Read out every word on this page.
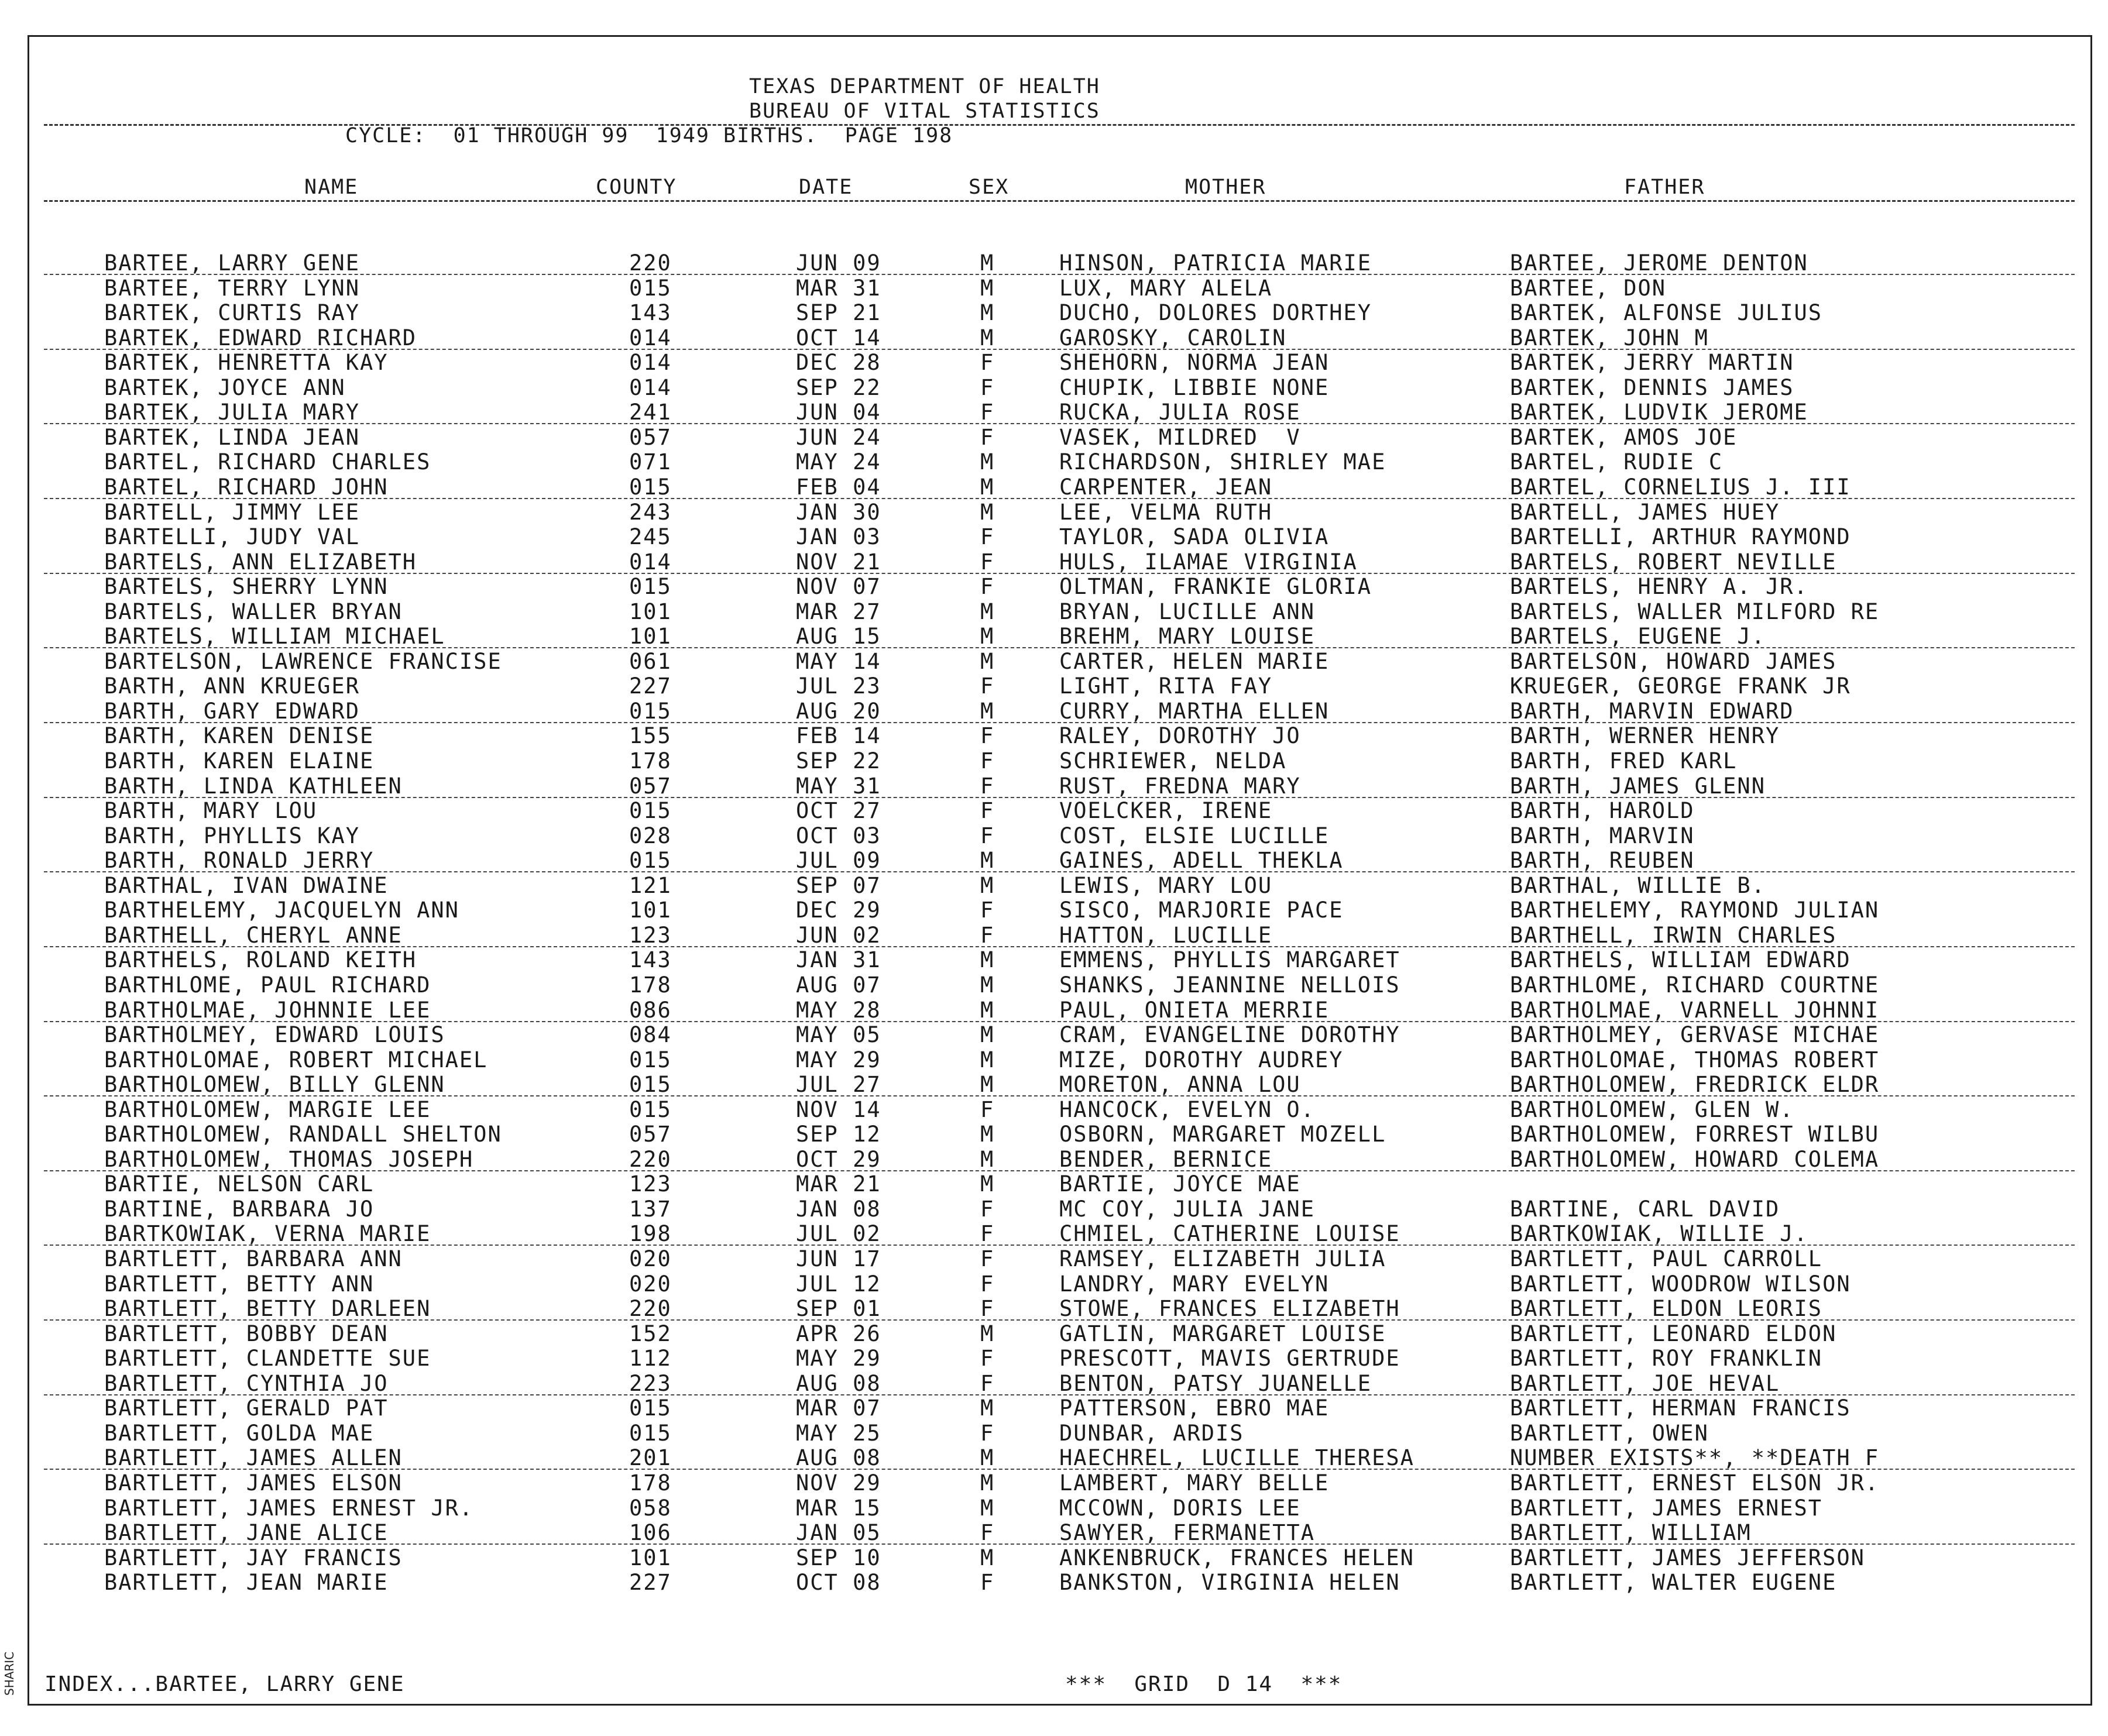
SHARIC
TEXAS DEPARTMENT OF HEALTH
BUREAU OF VITAL STATISTICS
CYCLE:  01 THROUGH 99  1949 BIRTHS.  PAGE 198
NAME	COUNTY	DATE	SEX	MOTHER	FATHER
BARTEE, LARRY GENE	220	JUN 09	M	HINSON, PATRICIA MARIE	BARTEE, JEROME DENTON
BARTEE, TERRY LYNN	015	MAR 31	M	LUX, MARY ALELA	BARTEE, DON
BARTEK, CURTIS RAY	143	SEP 21	M	DUCHO, DOLORES DORTHEY	BARTEK, ALFONSE JULIUS
BARTEK, EDWARD RICHARD	014	OCT 14	M	GAROSKY, CAROLIN	BARTEK, JOHN M
BARTEK, HENRETTA KAY	014	DEC 28	F	SHEHORN, NORMA JEAN	BARTEK, JERRY MARTIN
BARTEK, JOYCE ANN	014	SEP 22	F	CHUPIK, LIBBIE NONE	BARTEK, DENNIS JAMES
BARTEK, JULIA MARY	241	JUN 04	F	RUCKA, JULIA ROSE	BARTEK, LUDVIK JEROME
BARTEK, LINDA JEAN	057	JUN 24	F	VASEK, MILDRED  V	BARTEK, AMOS JOE
BARTEL, RICHARD CHARLES	071	MAY 24	M	RICHARDSON, SHIRLEY MAE	BARTEL, RUDIE C
BARTEL, RICHARD JOHN	015	FEB 04	M	CARPENTER, JEAN	BARTEL, CORNELIUS J. III
BARTELL, JIMMY LEE	243	JAN 30	M	LEE, VELMA RUTH	BARTELL, JAMES HUEY
BARTELLI, JUDY VAL	245	JAN 03	F	TAYLOR, SADA OLIVIA	BARTELLI, ARTHUR RAYMOND
BARTELS, ANN ELIZABETH	014	NOV 21	F	HULS, ILAMAE VIRGINIA	BARTELS, ROBERT NEVILLE
BARTELS, SHERRY LYNN	015	NOV 07	F	OLTMAN, FRANKIE GLORIA	BARTELS, HENRY A. JR.
BARTELS, WALLER BRYAN	101	MAR 27	M	BRYAN, LUCILLE ANN	BARTELS, WALLER MILFORD RE
BARTELS, WILLIAM MICHAEL	101	AUG 15	M	BREHM, MARY LOUISE	BARTELS, EUGENE J.
BARTELSON, LAWRENCE FRANCISE	061	MAY 14	M	CARTER, HELEN MARIE	BARTELSON, HOWARD JAMES
BARTH, ANN KRUEGER	227	JUL 23	F	LIGHT, RITA FAY	KRUEGER, GEORGE FRANK JR
BARTH, GARY EDWARD	015	AUG 20	M	CURRY, MARTHA ELLEN	BARTH, MARVIN EDWARD
BARTH, KAREN DENISE	155	FEB 14	F	RALEY, DOROTHY JO	BARTH, WERNER HENRY
BARTH, KAREN ELAINE	178	SEP 22	F	SCHRIEWER, NELDA	BARTH, FRED KARL
BARTH, LINDA KATHLEEN	057	MAY 31	F	RUST, FREDNA MARY	BARTH, JAMES GLENN
BARTH, MARY LOU	015	OCT 27	F	VOELCKER, IRENE	BARTH, HAROLD
BARTH, PHYLLIS KAY	028	OCT 03	F	COST, ELSIE LUCILLE	BARTH, MARVIN
BARTH, RONALD JERRY	015	JUL 09	M	GAINES, ADELL THEKLA	BARTH, REUBEN
BARTHAL, IVAN DWAINE	121	SEP 07	M	LEWIS, MARY LOU	BARTHAL, WILLIE B.
BARTHELEMY, JACQUELYN ANN	101	DEC 29	F	SISCO, MARJORIE PACE	BARTHELEMY, RAYMOND JULIAN
BARTHELL, CHERYL ANNE	123	JUN 02	F	HATTON, LUCILLE	BARTHELL, IRWIN CHARLES
BARTHELS, ROLAND KEITH	143	JAN 31	M	EMMENS, PHYLLIS MARGARET	BARTHELS, WILLIAM EDWARD
BARTHLOME, PAUL RICHARD	178	AUG 07	M	SHANKS, JEANNINE NELLOIS	BARTHLOME, RICHARD COURTNE
BARTHOLMAE, JOHNNIE LEE	086	MAY 28	M	PAUL, ONIETA MERRIE	BARTHOLMAE, VARNELL JOHNNI
BARTHOLMEY, EDWARD LOUIS	084	MAY 05	M	CRAM, EVANGELINE DOROTHY	BARTHOLMEY, GERVASE MICHAE
BARTHOLOMAE, ROBERT MICHAEL	015	MAY 29	M	MIZE, DOROTHY AUDREY	BARTHOLOMAE, THOMAS ROBERT
BARTHOLOMEW, BILLY GLENN	015	JUL 27	M	MORETON, ANNA LOU	BARTHOLOMEW, FREDRICK ELDR
BARTHOLOMEW, MARGIE LEE	015	NOV 14	F	HANCOCK, EVELYN O.	BARTHOLOMEW, GLEN W.
BARTHOLOMEW, RANDALL SHELTON	057	SEP 12	M	OSBORN, MARGARET MOZELL	BARTHOLOMEW, FORREST WILBU
BARTHOLOMEW, THOMAS JOSEPH	220	OCT 29	M	BENDER, BERNICE	BARTHOLOMEW, HOWARD COLEMA
BARTIE, NELSON CARL	123	MAR 21	M	BARTIE, JOYCE MAE
BARTINE, BARBARA JO	137	JAN 08	F	MC COY, JULIA JANE	BARTINE, CARL DAVID
BARTKOWIAK, VERNA MARIE	198	JUL 02	F	CHMIEL, CATHERINE LOUISE	BARTKOWIAK, WILLIE J.
BARTLETT, BARBARA ANN	020	JUN 17	F	RAMSEY, ELIZABETH JULIA	BARTLETT, PAUL CARROLL
BARTLETT, BETTY ANN	020	JUL 12	F	LANDRY, MARY EVELYN	BARTLETT, WOODROW WILSON
BARTLETT, BETTY DARLEEN	220	SEP 01	F	STOWE, FRANCES ELIZABETH	BARTLETT, ELDON LEORIS
BARTLETT, BOBBY DEAN	152	APR 26	M	GATLIN, MARGARET LOUISE	BARTLETT, LEONARD ELDON
BARTLETT, CLANDETTE SUE	112	MAY 29	F	PRESCOTT, MAVIS GERTRUDE	BARTLETT, ROY FRANKLIN
BARTLETT, CYNTHIA JO	223	AUG 08	F	BENTON, PATSY JUANELLE	BARTLETT, JOE HEVAL
BARTLETT, GERALD PAT	015	MAR 07	M	PATTERSON, EBRO MAE	BARTLETT, HERMAN FRANCIS
BARTLETT, GOLDA MAE	015	MAY 25	F	DUNBAR, ARDIS	BARTLETT, OWEN
BARTLETT, JAMES ALLEN	201	AUG 08	M	HAECHREL, LUCILLE THERESA	NUMBER EXISTS**, **DEATH F
BARTLETT, JAMES ELSON	178	NOV 29	M	LAMBERT, MARY BELLE	BARTLETT, ERNEST ELSON JR.
BARTLETT, JAMES ERNEST JR.	058	MAR 15	M	MCCOWN, DORIS LEE	BARTLETT, JAMES ERNEST
BARTLETT, JANE ALICE	106	JAN 05	F	SAWYER, FERMANETTA	BARTLETT, WILLIAM
BARTLETT, JAY FRANCIS	101	SEP 10	M	ANKENBRUCK, FRANCES HELEN	BARTLETT, JAMES JEFFERSON
BARTLETT, JEAN MARIE	227	OCT 08	F	BANKSTON, VIRGINIA HELEN	BARTLETT, WALTER EUGENE
INDEX...BARTEE, LARRY GENE	***  GRID  D 14  ***
